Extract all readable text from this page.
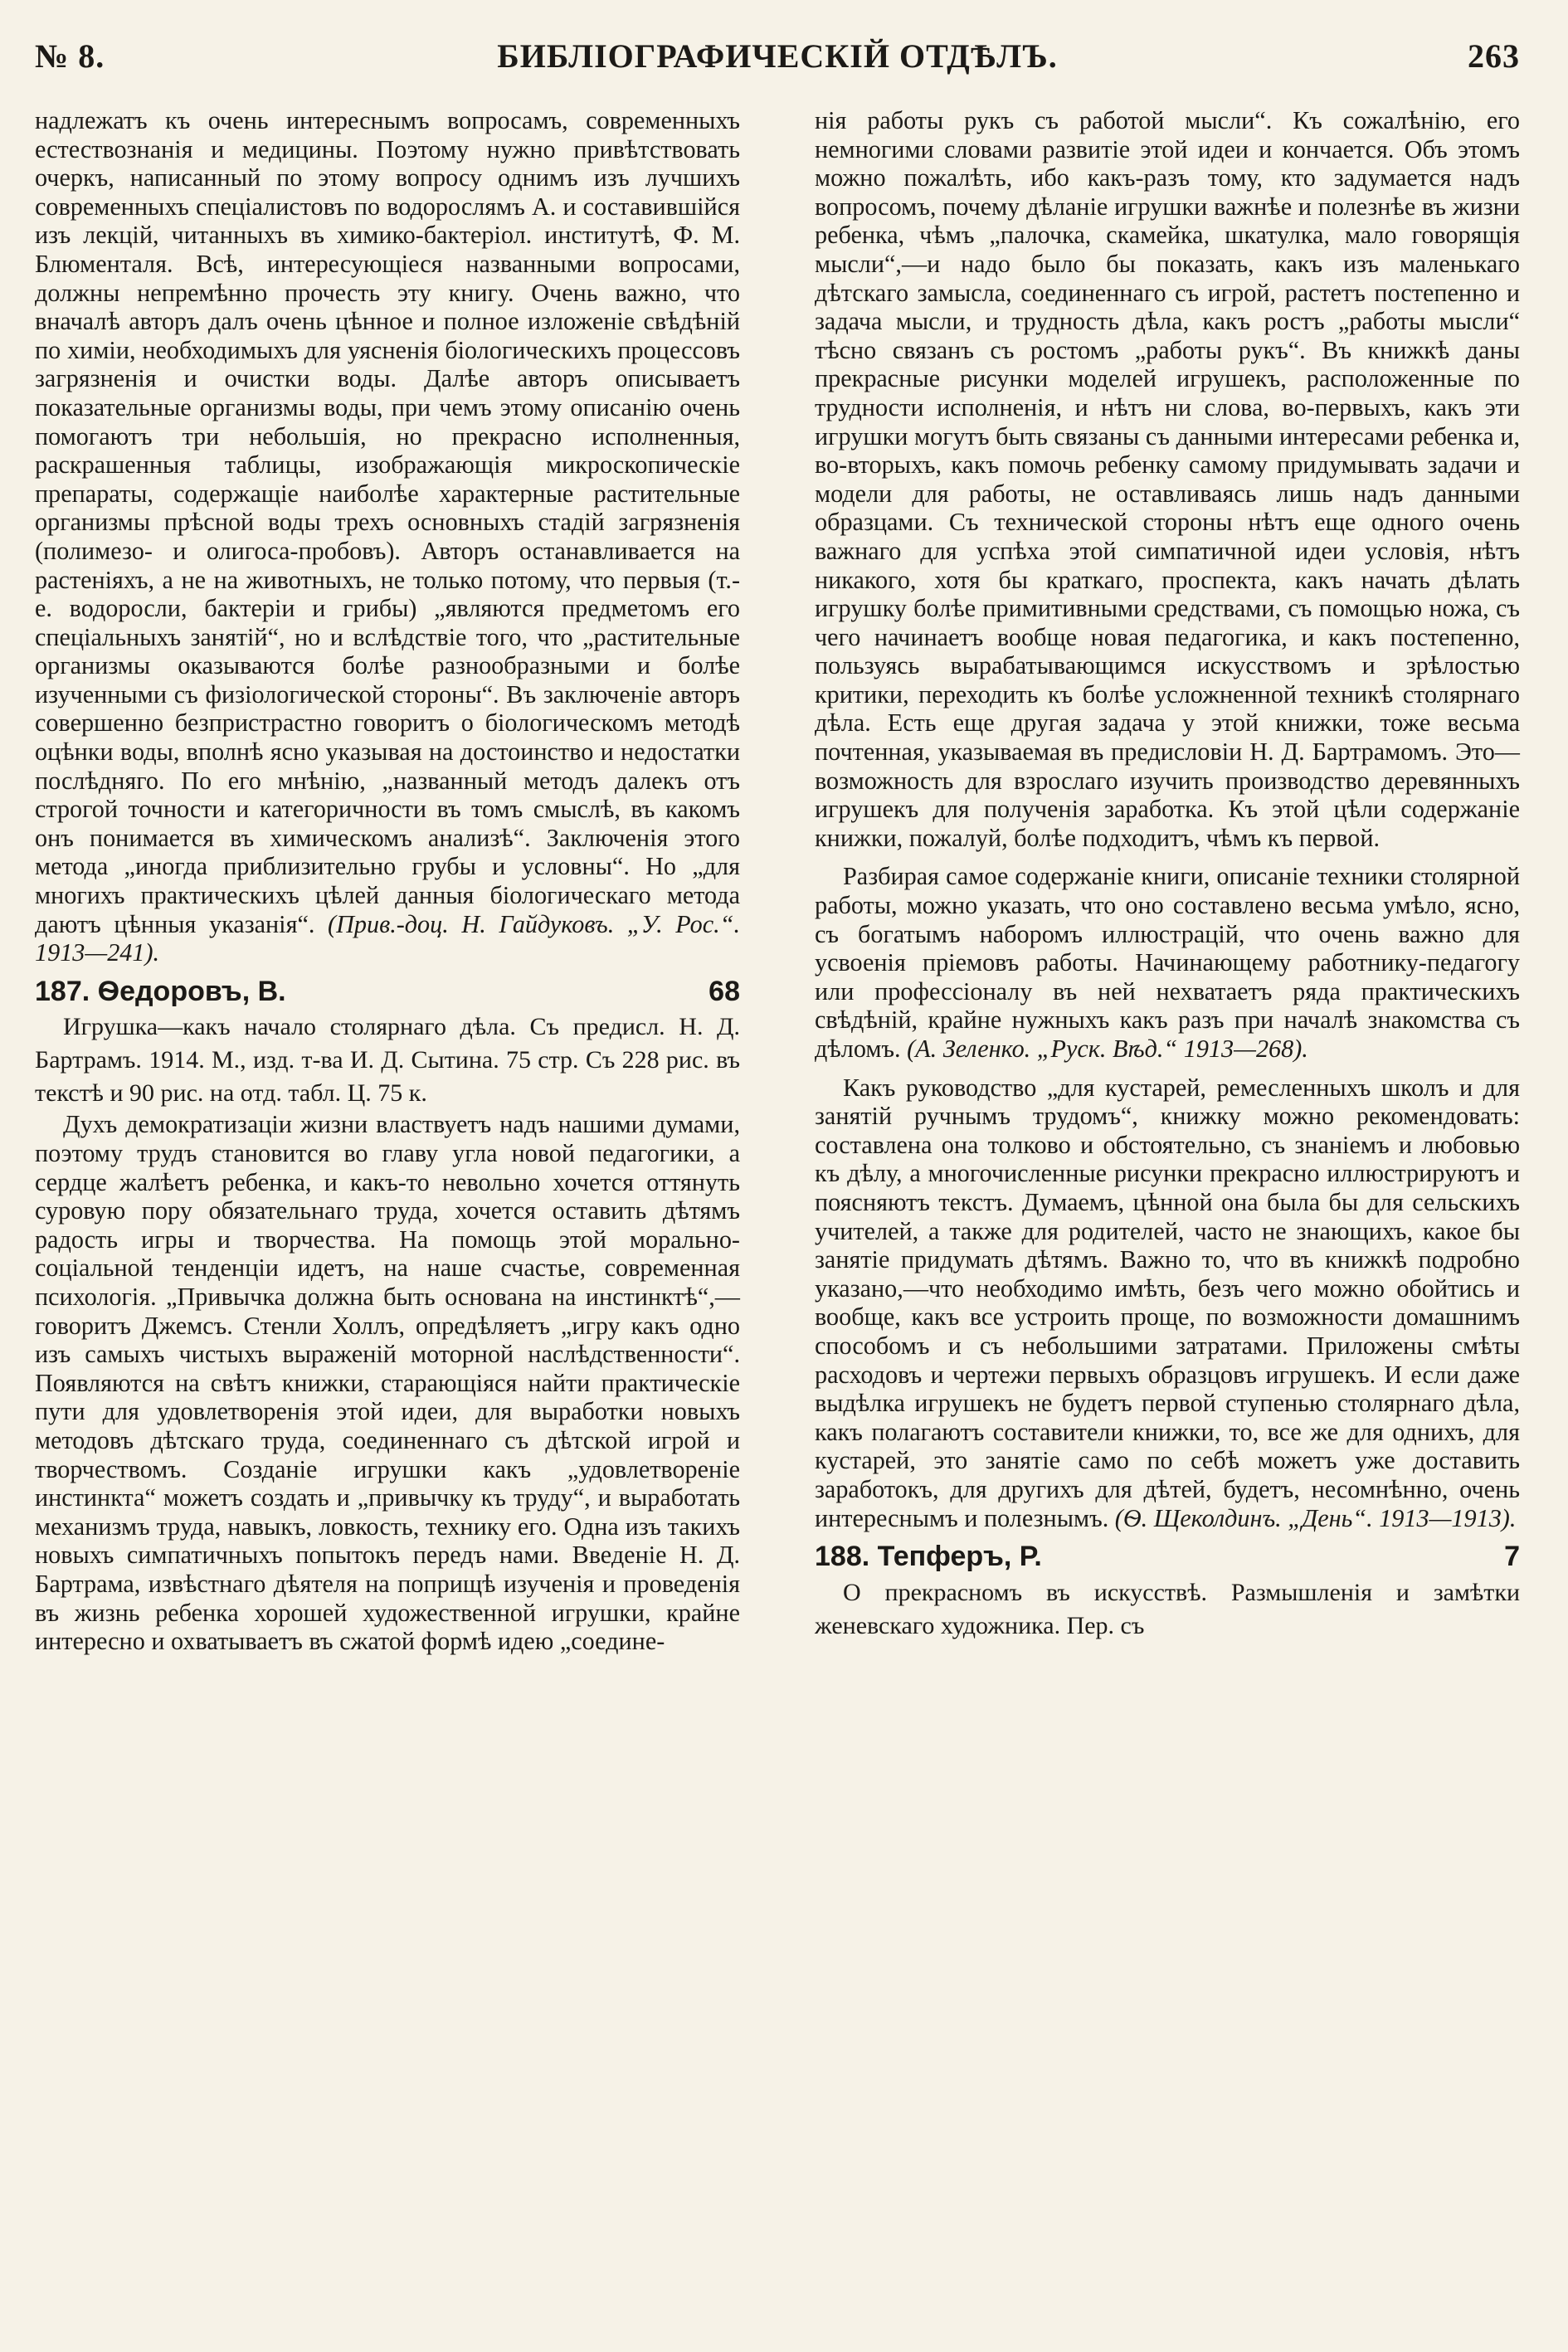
№ 8.	БИБЛІОГРАФИЧЕСКІЙ ОТДѢЛЪ.	263

надлежатъ къ очень интереснымъ вопросамъ, современныхъ естествознанія и медицины. Поэтому нужно привѣтствовать очеркъ, написанный по этому вопросу однимъ изъ лучшихъ современныхъ спеціалистовъ по водорослямъ А. и составившійся изъ лекцій, читанныхъ въ химико-бактеріол. институтѣ, Ф. М. Блюменталя. Всѣ, интересующіеся названными вопросами, должны непремѣнно прочесть эту книгу. Очень важно, что вначалѣ авторъ далъ очень цѣнное и полное изложеніе свѣдѣній по химіи, необходимыхъ для уясненія біологическихъ процессовъ загрязненія и очистки воды. Далѣе авторъ описываетъ показательные организмы воды, при чемъ этому описанію очень помогаютъ три небольшія, но прекрасно исполненныя, раскрашенныя таблицы, изображающія микроскопическіе препараты, содержащіе наиболѣе характерные растительные организмы прѣсной воды трехъ основныхъ стадій загрязненія (полимезо- и олигоса-пробовъ). Авторъ останавливается на растеніяхъ, а не на животныхъ, не только потому, что первыя (т.-е. водоросли, бактеріи и грибы) „являются предметомъ его спеціальныхъ занятій“, но и вслѣдствіе того, что „растительные организмы оказываются болѣе разнообразными и болѣе изученными съ физіологической стороны“. Въ заключеніе авторъ совершенно безпристрастно говоритъ о біологическомъ методѣ оцѣнки воды, вполнѣ ясно указывая на достоинство и недостатки послѣдняго. По его мнѣнію, „названный методъ далекъ отъ строгой точности и категоричности въ томъ смыслѣ, въ какомъ онъ понимается въ химическомъ анализѣ“. Заключенія этого метода „иногда приблизительно грубы и условны“. Но „для многихъ практическихъ цѣлей данныя біологическаго метода даютъ цѣнныя указанія“. (Прив.-доц. Н. Гайдуковъ. „У. Рос.“. 1913—241).

187. Ѳедоровъ, В.	68

Игрушка—какъ начало столярнаго дѣла. Съ предисл. Н. Д. Бартрамъ. 1914. М., изд. т-ва И. Д. Сытина. 75 стр. Съ 228 рис. въ текстѣ и 90 рис. на отд. табл. Ц. 75 к.

Духъ демократизаціи жизни властвуетъ надъ нашими думами, поэтому трудъ становится во главу угла новой педагогики, а сердце жалѣетъ ребенка, и какъ-то невольно хочется оттянуть суровую пору обязательнаго труда, хочется оставить дѣтямъ радость игры и творчества. На помощь этой морально-соціальной тенденціи идетъ, на наше счастье, современная психологія. „Привычка должна быть основана на инстинктѣ“,—говоритъ Джемсъ. Стенли Холлъ, опредѣляетъ „игру какъ одно изъ самыхъ чистыхъ выраженій моторной наслѣдственности“. Появляются на свѣтъ книжки, старающіяся найти практическіе пути для удовлетворенія этой идеи, для выработки новыхъ методовъ дѣтскаго труда, соединеннаго съ дѣтской игрой и творчествомъ. Созданіе игрушки какъ „удовлетвореніе инстинкта“ можетъ создать и „привычку къ труду“, и выработать механизмъ труда, навыкъ, ловкость, технику его. Одна изъ такихъ новыхъ симпатичныхъ попытокъ передъ нами. Введеніе Н. Д. Бартрама, извѣстнаго дѣятеля на поприщѣ изученія и проведенія въ жизнь ребенка хорошей художественной игрушки, крайне интересно и охватываетъ въ сжатой формѣ идею „соедине-

нія работы рукъ съ работой мысли“. Къ сожалѣнію, его немногими словами развитіе этой идеи и кончается. Объ этомъ можно пожалѣть, ибо какъ-разъ тому, кто задумается надъ вопросомъ, почему дѣланіе игрушки важнѣе и полезнѣе въ жизни ребенка, чѣмъ „палочка, скамейка, шкатулка, мало говорящія мысли“,—и надо было бы показать, какъ изъ маленькаго дѣтскаго замысла, соединеннаго съ игрой, растетъ постепенно и задача мысли, и трудность дѣла, какъ ростъ „работы мысли“ тѣсно связанъ съ ростомъ „работы рукъ“. Въ книжкѣ даны прекрасные рисунки моделей игрушекъ, расположенные по трудности исполненія, и нѣтъ ни слова, во-первыхъ, какъ эти игрушки могутъ быть связаны съ данными интересами ребенка и, во-вторыхъ, какъ помочь ребенку самому придумывать задачи и модели для работы, не оставливаясь лишь надъ данными образцами. Съ технической стороны нѣтъ еще одного очень важнаго для успѣха этой симпатичной идеи условія, нѣтъ никакого, хотя бы краткаго, проспекта, какъ начать дѣлать игрушку болѣе примитивными средствами, съ помощью ножа, съ чего начинаетъ вообще новая педагогика, и какъ постепенно, пользуясь вырабатывающимся искусствомъ и зрѣлостью критики, переходить къ болѣе усложненной техникѣ столярнаго дѣла. Есть еще другая задача у этой книжки, тоже весьма почтенная, указываемая въ предисловіи Н. Д. Бартрамомъ. Это—возможность для взрослаго изучить производство деревянныхъ игрушекъ для полученія заработка. Къ этой цѣли содержаніе книжки, пожалуй, болѣе подходитъ, чѣмъ къ первой.

Разбирая самое содержаніе книги, описаніе техники столярной работы, можно указать, что оно составлено весьма умѣло, ясно, съ богатымъ наборомъ иллюстрацій, что очень важно для усвоенія пріемовъ работы. Начинающему работнику-педагогу или профессіоналу въ ней нехватаетъ ряда практическихъ свѣдѣній, крайне нужныхъ какъ разъ при началѣ знакомства съ дѣломъ. (А. Зеленко. „Руск. Вѣд.“ 1913—268).

Какъ руководство „для кустарей, ремесленныхъ школъ и для занятій ручнымъ трудомъ“, книжку можно рекомендовать: составлена она толково и обстоятельно, съ знаніемъ и любовью къ дѣлу, а многочисленные рисунки прекрасно иллюстрируютъ и поясняютъ текстъ. Думаемъ, цѣнной она была бы для сельскихъ учителей, а также для родителей, часто не знающихъ, какое бы занятіе придумать дѣтямъ. Важно то, что въ книжкѣ подробно указано,—что необходимо имѣть, безъ чего можно обойтись и вообще, какъ все устроить проще, по возможности домашнимъ способомъ и съ небольшими затратами. Приложены смѣты расходовъ и чертежи первыхъ образцовъ игрушекъ. И если даже выдѣлка игрушекъ не будетъ первой ступенью столярнаго дѣла, какъ полагаютъ составители книжки, то, все же для однихъ, для кустарей, это занятіе само по себѣ можетъ уже доставить заработокъ, для другихъ для дѣтей, будетъ, несомнѣнно, очень интереснымъ и полезнымъ. (Ѳ. Щеколдинъ. „День“. 1913—1913).

188. Тепферъ, Р.	7

О прекрасномъ въ искусствѣ. Размышленія и замѣтки женевскаго художника. Пер. съ
